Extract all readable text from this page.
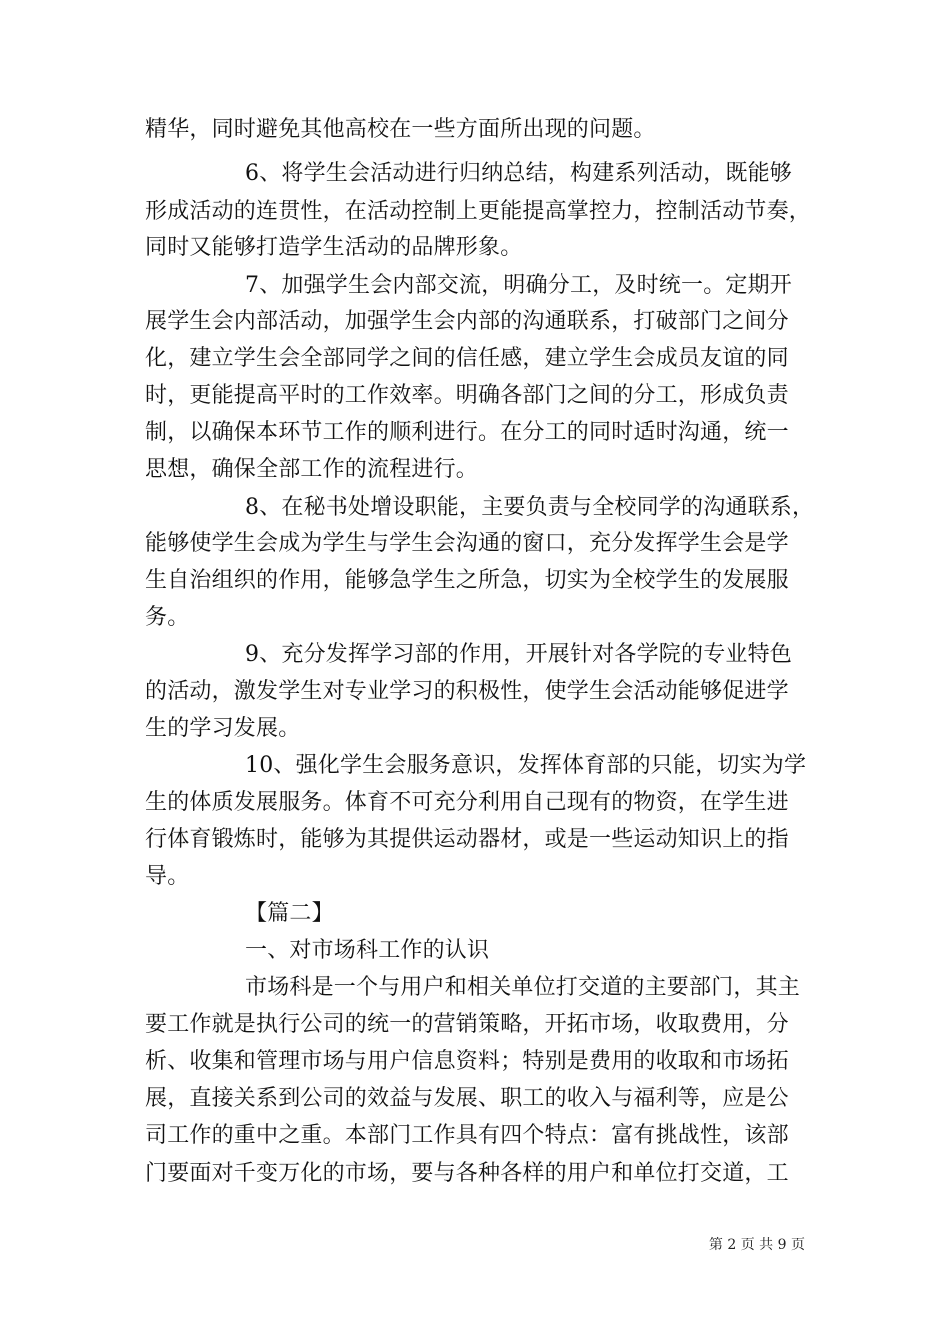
精华，同时避免其他高校在一些方面所出现的问题。
6、将学生会活动进行归纳总结，构建系列活动，既能够
形成活动的连贯性，在活动控制上更能提高掌控力，控制活动节奏，
同时又能够打造学生活动的品牌形象。
7、加强学生会内部交流，明确分工，及时统一。定期开
展学生会内部活动，加强学生会内部的沟通联系，打破部门之间分
化，建立学生会全部同学之间的信任感，建立学生会成员友谊的同
时，更能提高平时的工作效率。明确各部门之间的分工，形成负责
制，以确保本环节工作的顺利进行。在分工的同时适时沟通，统一
思想，确保全部工作的流程进行。
8、在秘书处增设职能，主要负责与全校同学的沟通联系，
能够使学生会成为学生与学生会沟通的窗口，充分发挥学生会是学
生自治组织的作用，能够急学生之所急，切实为全校学生的发展服
务。
9、充分发挥学习部的作用，开展针对各学院的专业特色
的活动，激发学生对专业学习的积极性，使学生会活动能够促进学
生的学习发展。
10、强化学生会服务意识，发挥体育部的只能，切实为学
生的体质发展服务。体育不可充分利用自己现有的物资，在学生进
行体育锻炼时，能够为其提供运动器材，或是一些运动知识上的指
导。
【篇二】
一、对市场科工作的认识
市场科是一个与用户和相关单位打交道的主要部门，其主
要工作就是执行公司的统一的营销策略，开拓市场，收取费用，分
析、收集和管理市场与用户信息资料；特别是费用的收取和市场拓
展，直接关系到公司的效益与发展、职工的收入与福利等，应是公
司工作的重中之重。本部门工作具有四个特点：富有挑战性，该部
门要面对千变万化的市场，要与各种各样的用户和单位打交道，工
第 2 页 共 9 页
